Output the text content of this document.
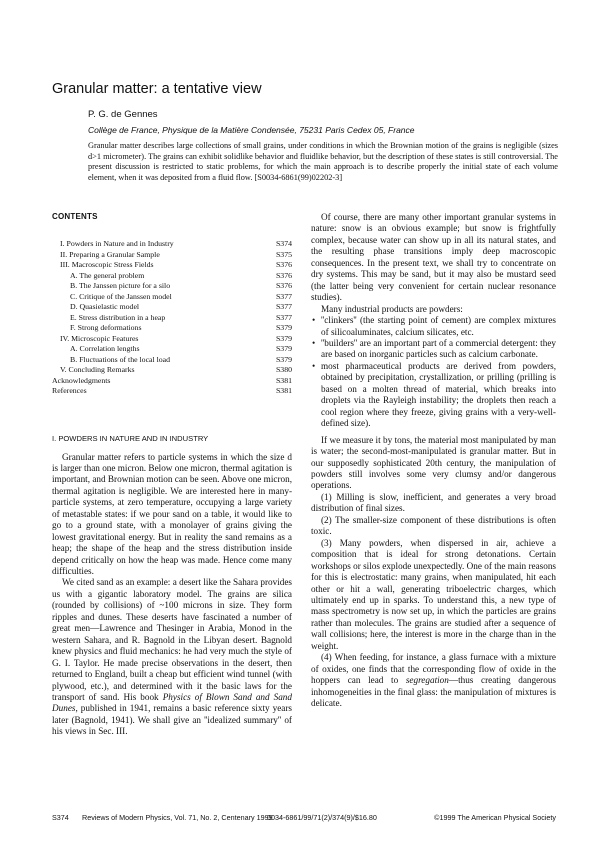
Granular matter: a tentative view
P. G. de Gennes
Collège de France, Physique de la Matière Condensée, 75231 Paris Cedex 05, France

Granular matter describes large collections of small grains, under conditions in which the Brownian motion of the grains is negligible (sizes d>1 micrometer). The grains can exhibit solidlike behavior and fluidlike behavior, but the description of these states is still controversial. The present discussion is restricted to static problems, for which the main approach is to describe properly the initial state of each volume element, when it was deposited from a fluid flow. [S0034-6861(99)02202-3]

CONTENTS
I. Powders in Nature and in Industry	S374
II. Preparing a Granular Sample	S375
III. Macroscopic Stress Fields	S376
A. The general problem	S376
B. The Janssen picture for a silo	S376
C. Critique of the Janssen model	S377
D. Quasielastic model	S377
E. Stress distribution in a heap	S377
F. Strong deformations	S379
IV. Microscopic Features	S379
A. Correlation lengths	S379
B. Fluctuations of the local load	S379
V. Concluding Remarks	S380
Acknowledgments	S381
References	S381
I. POWDERS IN NATURE AND IN INDUSTRY

Granular matter refers to particle systems in which the size d is larger than one micron. Below one micron, thermal agitation is important, and Brownian motion can be seen. Above one micron, thermal agitation is negligible. We are interested here in many-particle systems, at zero temperature, occupying a large variety of metastable states: if we pour sand on a table, it would like to go to a ground state, with a monolayer of grains giving the lowest gravitational energy. But in reality the sand remains as a heap; the shape of the heap and the stress distribution inside depend critically on how the heap was made. Hence come many difficulties.

We cited sand as an example: a desert like the Sahara provides us with a gigantic laboratory model. The grains are silica (rounded by collisions) of ~100 microns in size. They form ripples and dunes. These deserts have fascinated a number of great men—Lawrence and Thesinger in Arabia, Monod in the western Sahara, and R. Bagnold in the Libyan desert. Bagnold knew physics and fluid mechanics: he had very much the style of G. I. Taylor. He made precise observations in the desert, then returned to England, built a cheap but efficient wind tunnel (with plywood, etc.), and determined with it the basic laws for the transport of sand. His book Physics of Blown Sand and Sand Dunes, published in 1941, remains a basic reference sixty years later (Bagnold, 1941). We shall give an ''idealized summary'' of his views in Sec. III.

Of course, there are many other important granular systems in nature: snow is an obvious example; but snow is frightfully complex, because water can show up in all its natural states, and the resulting phase transitions imply deep macroscopic consequences. In the present text, we shall try to concentrate on dry systems. This may be sand, but it may also be mustard seed (the latter being very convenient for certain nuclear resonance studies).

Many industrial products are powders:

• ''clinkers'' (the starting point of cement) are complex mixtures of silicoaluminates, calcium silicates, etc.
• ''builders'' are an important part of a commercial detergent: they are based on inorganic particles such as calcium carbonate.
• most pharmaceutical products are derived from powders, obtained by precipitation, crystallization, or prilling (prilling is based on a molten thread of material, which breaks into droplets via the Rayleigh instability; the droplets then reach a cool region where they freeze, giving grains with a very-well-defined size).

If we measure it by tons, the material most manipulated by man is water; the second-most-manipulated is granular matter. But in our supposedly sophisticated 20th century, the manipulation of powders still involves some very clumsy and/or dangerous operations.

(1) Milling is slow, inefficient, and generates a very broad distribution of final sizes.

(2) The smaller-size component of these distributions is often toxic.

(3) Many powders, when dispersed in air, achieve a composition that is ideal for strong detonations. Certain workshops or silos explode unexpectedly. One of the main reasons for this is electrostatic: many grains, when manipulated, hit each other or hit a wall, generating triboelectric charges, which ultimately end up in sparks. To understand this, a new type of mass spectrometry is now set up, in which the particles are grains rather than molecules. The grains are studied after a sequence of wall collisions; here, the interest is more in the charge than in the weight.

(4) When feeding, for instance, a glass furnace with a mixture of oxides, one finds that the corresponding flow of oxide in the hoppers can lead to segregation—thus creating dangerous inhomogeneities in the final glass: the manipulation of mixtures is delicate.

S374	Reviews of Modern Physics, Vol. 71, No. 2, Centenary 1999
0034-6861/99/71(2)/374(9)/$16.80	©1999 The American Physical Society
